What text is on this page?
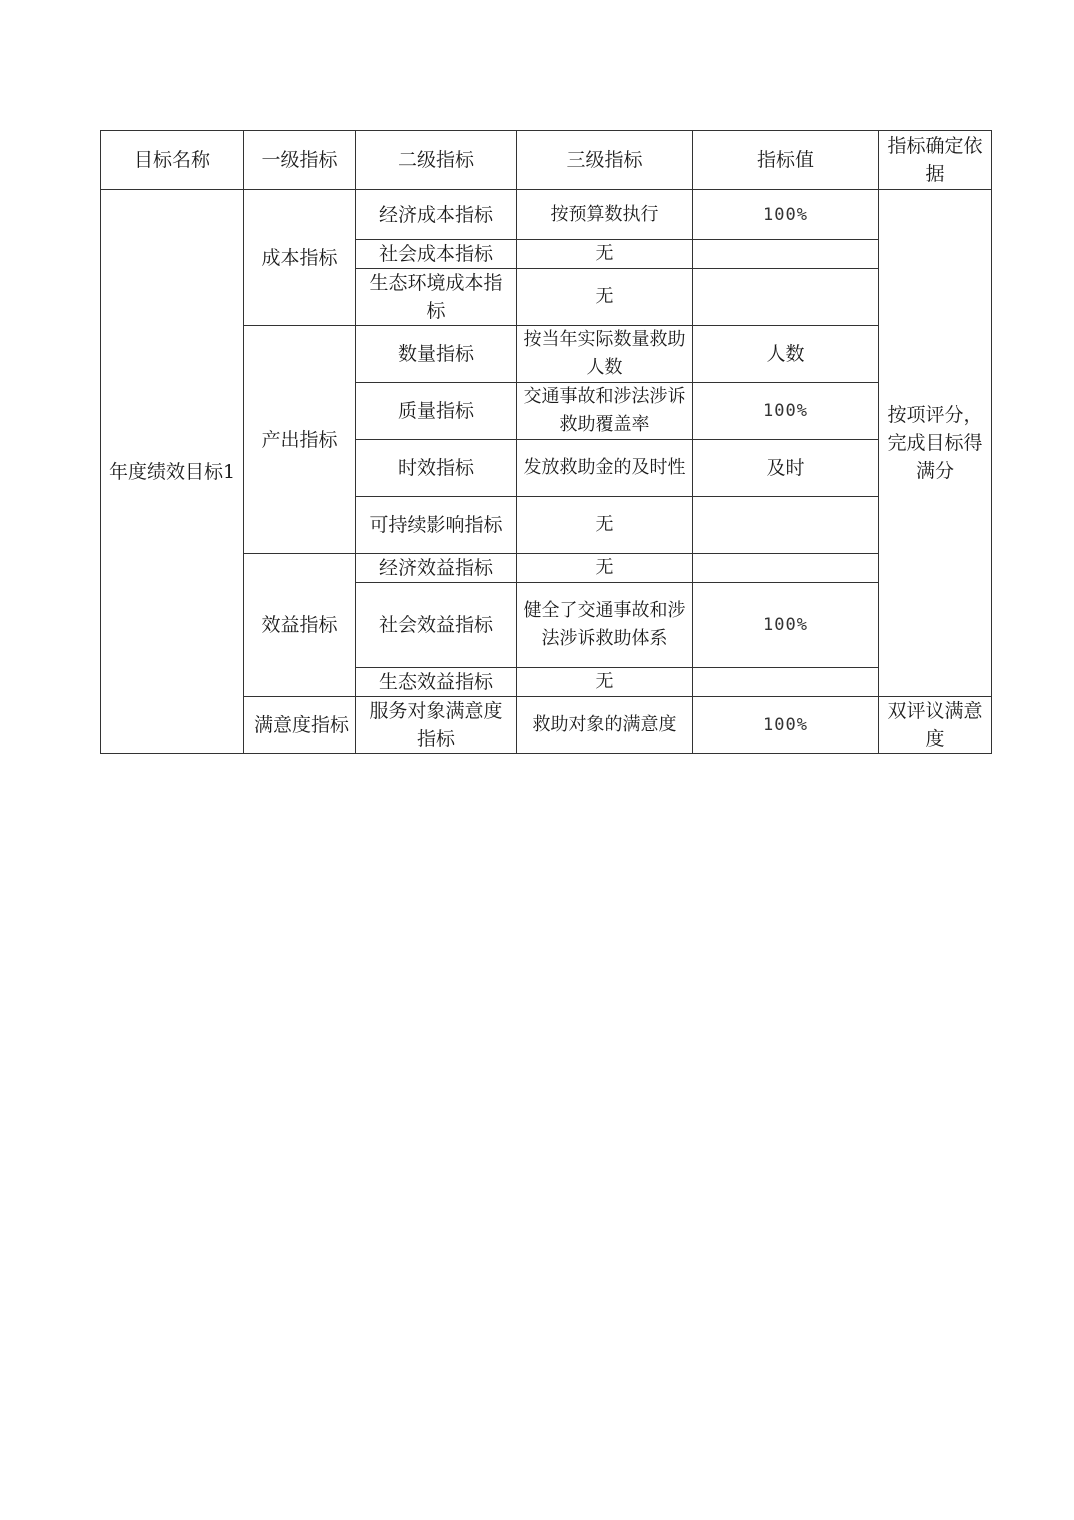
目标名称	一级指标	二级指标	三级指标	指标值	指标确定依据
年度绩效目标1	成本指标	经济成本指标	按预算数执行	100%	按项评分，完成目标得满分
		社会成本指标	无		
		生态环境成本指标	无		
	产出指标	数量指标	按当年实际数量救助人数	人数	
		质量指标	交通事故和涉法涉诉救助覆盖率	100%	
		时效指标	发放救助金的及时性	及时	
		可持续影响指标	无		
	效益指标	经济效益指标	无		
		社会效益指标	健全了交通事故和涉法涉诉救助体系	100%	
		生态效益指标	无		
	满意度指标	服务对象满意度指标	救助对象的满意度	100%	双评议满意度
